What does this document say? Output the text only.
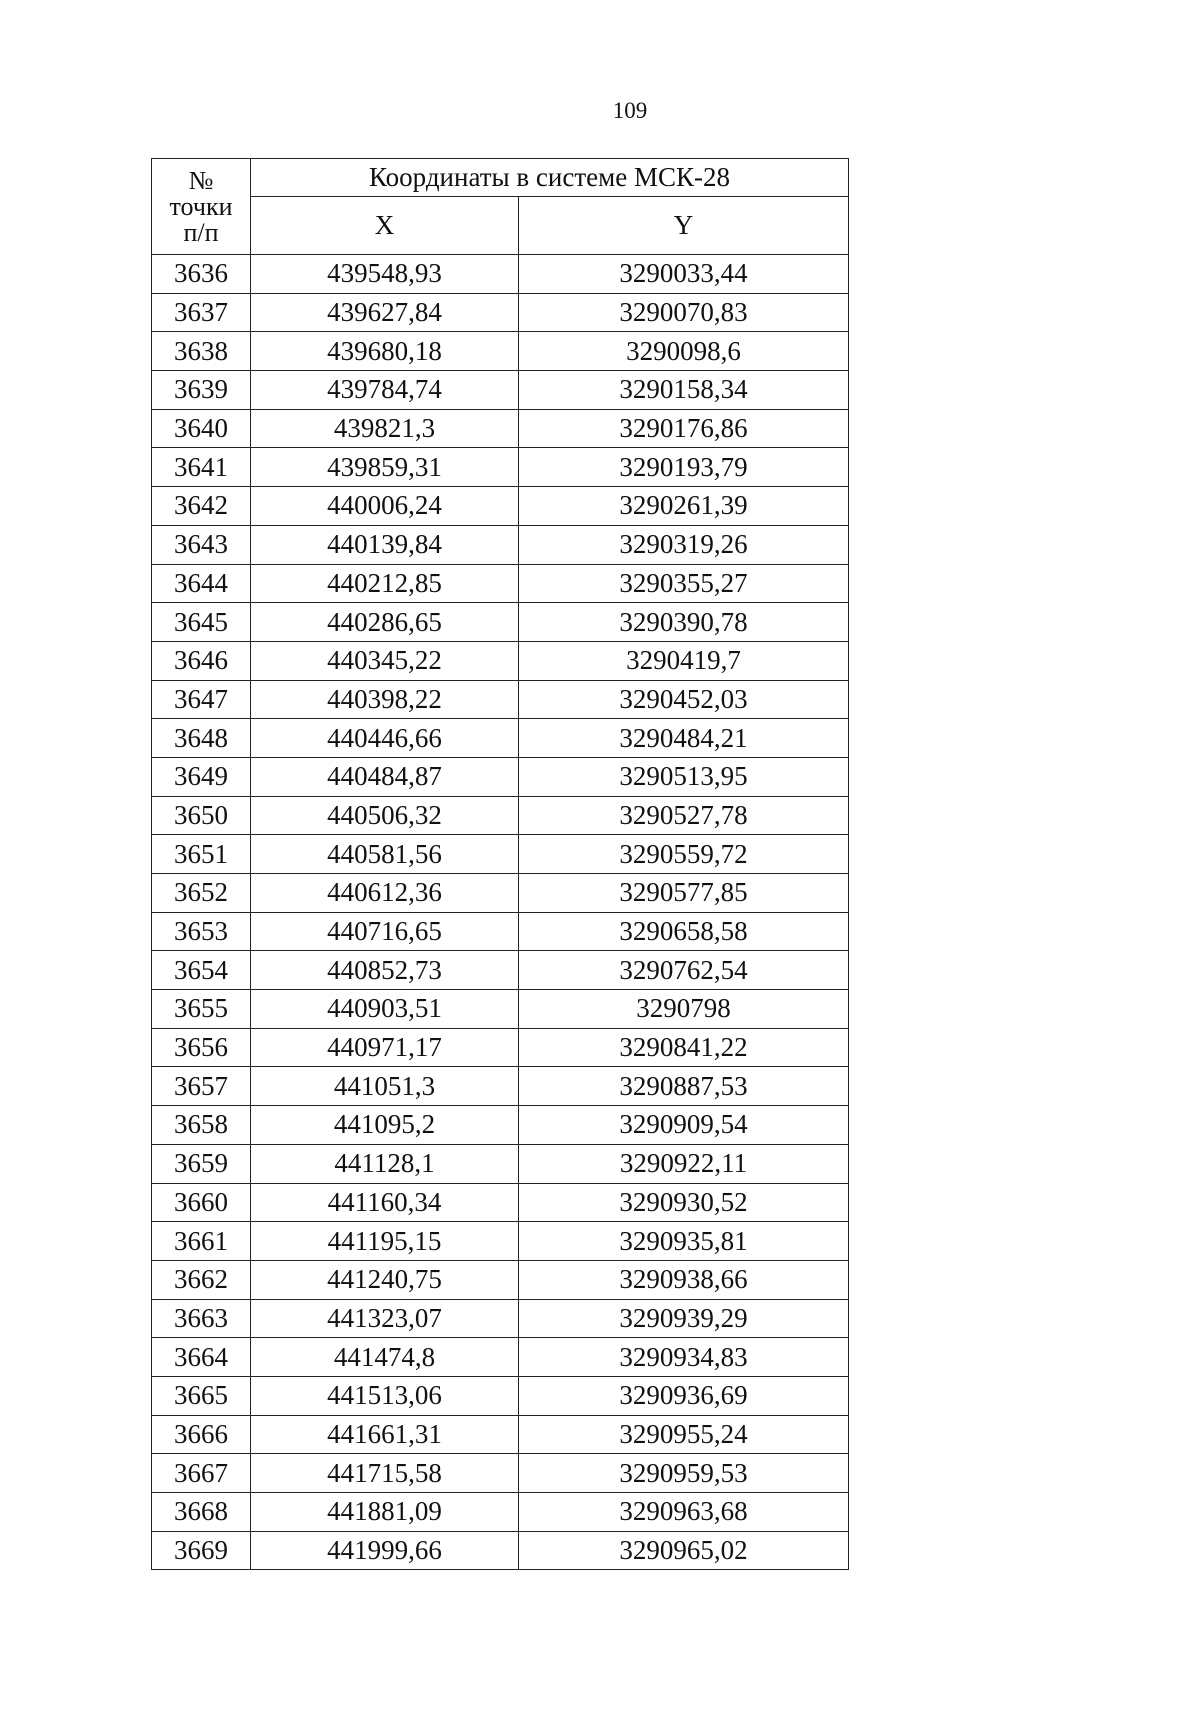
109
№
точки
п/п	Координаты в системе МСК-28	
	X	Y
3636	439548,93	3290033,44
3637	439627,84	3290070,83
3638	439680,18	3290098,6
3639	439784,74	3290158,34
3640	439821,3	3290176,86
3641	439859,31	3290193,79
3642	440006,24	3290261,39
3643	440139,84	3290319,26
3644	440212,85	3290355,27
3645	440286,65	3290390,78
3646	440345,22	3290419,7
3647	440398,22	3290452,03
3648	440446,66	3290484,21
3649	440484,87	3290513,95
3650	440506,32	3290527,78
3651	440581,56	3290559,72
3652	440612,36	3290577,85
3653	440716,65	3290658,58
3654	440852,73	3290762,54
3655	440903,51	3290798
3656	440971,17	3290841,22
3657	441051,3	3290887,53
3658	441095,2	3290909,54
3659	441128,1	3290922,11
3660	441160,34	3290930,52
3661	441195,15	3290935,81
3662	441240,75	3290938,66
3663	441323,07	3290939,29
3664	441474,8	3290934,83
3665	441513,06	3290936,69
3666	441661,31	3290955,24
3667	441715,58	3290959,53
3668	441881,09	3290963,68
3669	441999,66	3290965,02
